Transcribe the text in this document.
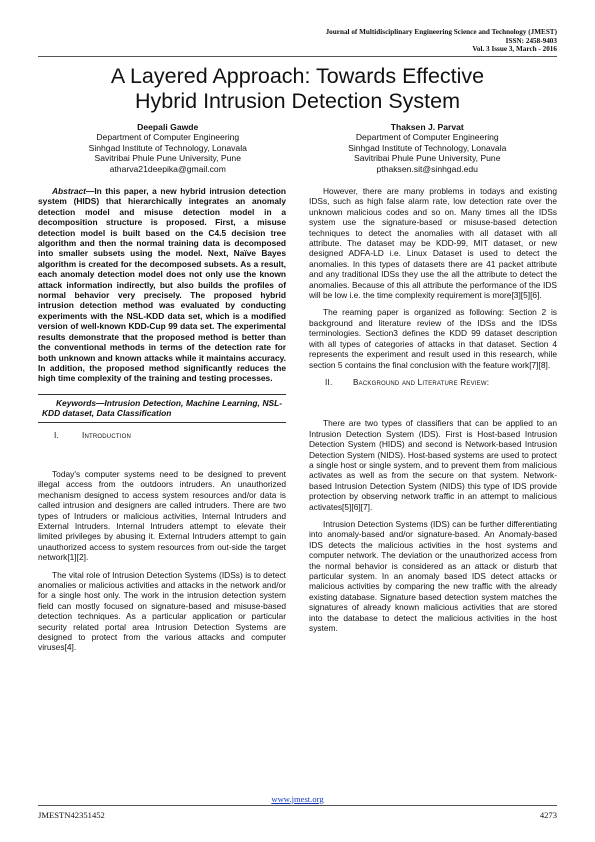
Journal of Multidisciplinary Engineering Science and Technology (JMEST)
ISSN: 2458-9403
Vol. 3 Issue 3, March - 2016
A Layered Approach: Towards Effective
Hybrid Intrusion Detection System
Deepali Gawde
Department of Computer Engineering
Sinhgad Institute of Technology, Lonavala
Savitribai Phule Pune University, Pune
atharva21deepika@gmail.com
Thaksen J. Parvat
Department of Computer Engineering
Sinhgad Institute of Technology, Lonavala
Savitribai Phule Pune University, Pune
pthaksen.sit@sinhgad.edu

Abstract—In this paper, a new hybrid intrusion detection system (HIDS) that hierarchically integrates an anomaly detection model and misuse detection model in a decomposition structure is proposed. First, a misuse detection model is built based on the C4.5 decision tree algorithm and then the normal training data is decomposed into smaller subsets using the model. Next, Naïve Bayes algorithm is created for the decomposed subsets. As a result, each anomaly detection model does not only use the known attack information indirectly, but also builds the profiles of normal behavior very precisely. The proposed hybrid intrusion detection method was evaluated by conducting experiments with the NSL-KDD data set, which is a modified version of well-known KDD-Cup 99 data set. The experimental results demonstrate that the proposed method is better than the conventional methods in terms of the detection rate for both unknown and known attacks while it maintains accuracy. In addition, the proposed method significantly reduces the high time complexity of the training and testing processes.

Keywords—Intrusion Detection, Machine Learning, NSL-KDD dataset, Data Classification
I.	Introduction

Today's computer systems need to be designed to prevent illegal access from the outdoors intruders. An unauthorized mechanism designed to access system resources and/or data is called intrusion and designers are called intruders. There are two types of Intruders or malicious activities, Internal Intruders and External Intruders. Internal Intruders attempt to elevate their limited privileges by abusing it. External Intruders attempt to gain unauthorized access to system resources from out-side the target network[1][2].

The vital role of Intrusion Detection Systems (IDSs) is to detect anomalies or malicious activities and attacks in the network and/or for a single host only. The work in the intrusion detection system field can mostly focused on signature-based and misuse-based detection techniques. As a particular application or particular security related portal area Intrusion Detection Systems are designed to protect from the various attacks and computer viruses[4].

However, there are many problems in todays and existing IDSs, such as high false alarm rate, low detection rate over the unknown malicious codes and so on. Many times all the IDSs system use the signature-based or misuse-based detection techniques to detect the anomalies with all dataset with all attribute. The dataset may be KDD-99, MIT dataset, or new designed ADFA-LD i.e. Linux Dataset is used to detect the anomalies. In this types of datasets there are 41 packet attribute and any traditional IDSs they use the all the attribute to detect the anomalies. Because of this all attribute the performance of the IDS will be low i.e. the time complexity requirement is more[3][5][6].

The reaming paper is organized as following: Section 2 is background and literature review of the IDSs and the IDSs terminologies. Section3 defines the KDD 99 dataset description with all types of categories of attacks in that dataset. Section 4 represents the experiment and result used in this research, while section 5 contains the final conclusion with the feature work[7][8].

II.	Background and Literature Review:

There are two types of classifiers that can be applied to an Intrusion Detection System (IDS). First is Host-based Intrusion Detection System (HIDS) and second is Network-based Intrusion Detection System (NIDS). Host-based systems are used to protect a single host or single system, and to prevent them from malicious activates as well as from the secure on that system. Network-based Intrusion Detection System (NIDS) this type of IDS provide protection by observing network traffic in an attempt to malicious activates[5][6][7].

Intrusion Detection Systems (IDS) can be further differentiating into anomaly-based and/or signature-based. An Anomaly-based IDS detects the malicious activities in the host systems and computer network. The deviation or the unauthorized access from the normal behavior is considered as an attack or disturb that particular system. In an anomaly based IDS detect attacks or malicious activities by comparing the new traffic with the already existing database. Signature based detection system matches the signatures of already known malicious activities that are stored into the database to detect the malicious activities in the host system.

www.jmest.org
JMESTN42351452	4273
